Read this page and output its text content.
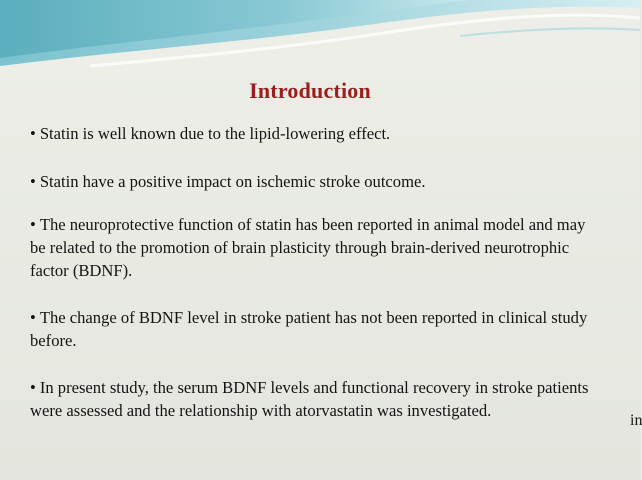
Introduction
• Statin is well known due to the lipid-lowering effect.
• Statin have a positive impact on ischemic stroke outcome.
• The neuroprotective function of statin has been reported in animal model and may be related to the promotion of brain plasticity through brain-derived neurotrophic factor (BDNF).
• The change of BDNF level in stroke patient has not been reported in clinical study before.
• In present study, the serum BDNF levels and functional recovery in stroke patients were assessed and the relationship with atorvastatin was investigated.
in
